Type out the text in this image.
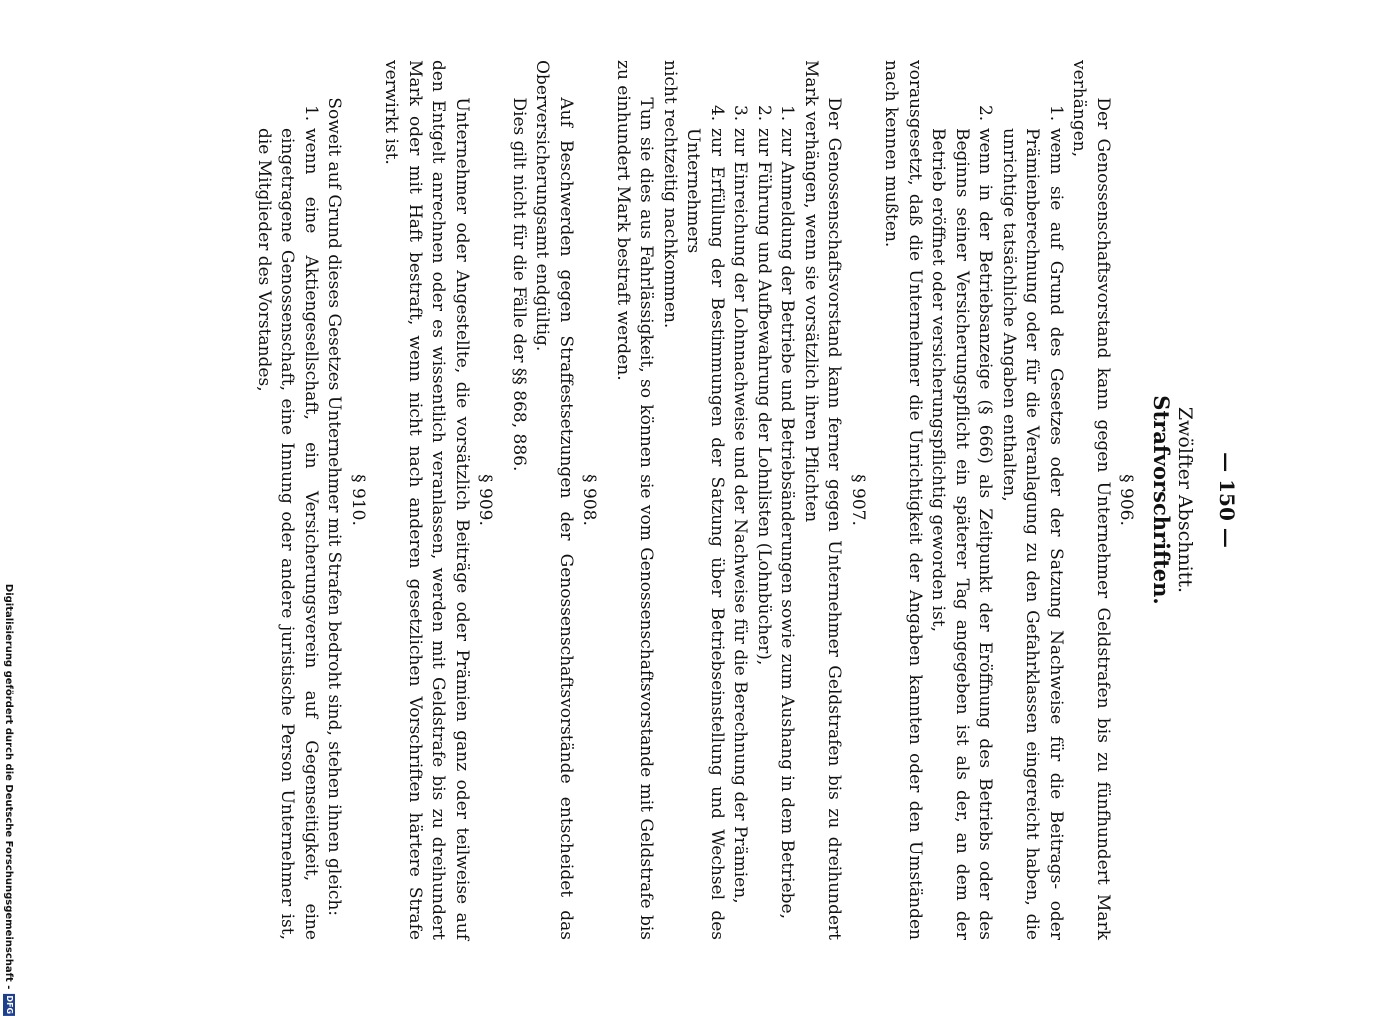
Digitalisierung gefördert durch die Deutsche Forschungsgemeinschaft -
DFG
— 150 —
Zwölfter Abschnitt.
Strafvorschriften.
§ 906.

Der Genossenschaftsvorstand kann gegen Unternehmer Geldstrafen bis zu fünfhundert Mark verhängen,

1.
wenn sie auf Grund des Gesetzes oder der Satzung Nachweise für die Beitrags- oder Prämienberechnung oder für die Veranlagung zu den Gefahrklassen eingereicht haben, die unrichtige tatsächliche Angaben enthalten,
2.
wenn in der Betriebsanzeige (§ 666) als Zeitpunkt der Eröffnung des Betriebs oder des Beginns seiner Versicherungspflicht ein späterer Tag angegeben ist als der, an dem der Betrieb eröffnet oder versicherungspflichtig geworden ist,

vorausgesetzt, daß die Unternehmer die Unrichtigkeit der Angaben kannten oder den Umständen nach kennen mußten.

§ 907.

Der Genossenschaftsvorstand kann ferner gegen Unternehmer Geldstrafen bis zu dreihundert Mark verhängen, wenn sie vorsätzlich ihren Pflichten

1.
zur Anmeldung der Betriebe und Betriebsänderungen sowie zum Aushang in dem Betriebe,
2.
zur Führung und Aufbewahrung der Lohnlisten (Lohnbücher),
3.
zur Einreichung der Lohnnachweise und der Nachweise für die Berechnung der Prämien,
4.
zur Erfüllung der Bestimmungen der Satzung über Betriebseinstellung und Wechsel des Unternehmers

nicht rechtzeitig nachkommen.

Tun sie dies aus Fahrlässigkeit, so können sie vom Genossenschaftsvorstande mit Geldstrafe bis zu einhundert Mark bestraft werden.

§ 908.

Auf Beschwerden gegen Straffestsetzungen der Genossenschaftsvorstände entscheidet das Oberversicherungsamt endgültig.

Dies gilt nicht für die Fälle der §§ 868, 886.

§ 909.

Unternehmer oder Angestellte, die vorsätzlich Beiträge oder Prämien ganz oder teilweise auf den Entgelt anrechnen oder es wissentlich veranlassen, werden mit Geldstrafe bis zu dreihundert Mark oder mit Haft bestraft, wenn nicht nach anderen gesetzlichen Vorschriften härtere Strafe verwirkt ist.

§ 910.

Soweit auf Grund dieses Gesetzes Unternehmer mit Strafen bedroht sind, stehen ihnen gleich:

1.
wenn eine Aktiengesellschaft, ein Versicherungsverein auf Gegenseitigkeit, eine eingetragene Genossenschaft, eine Innung oder andere juristische Person Unternehmer ist, die Mitglieder des Vorstandes,
